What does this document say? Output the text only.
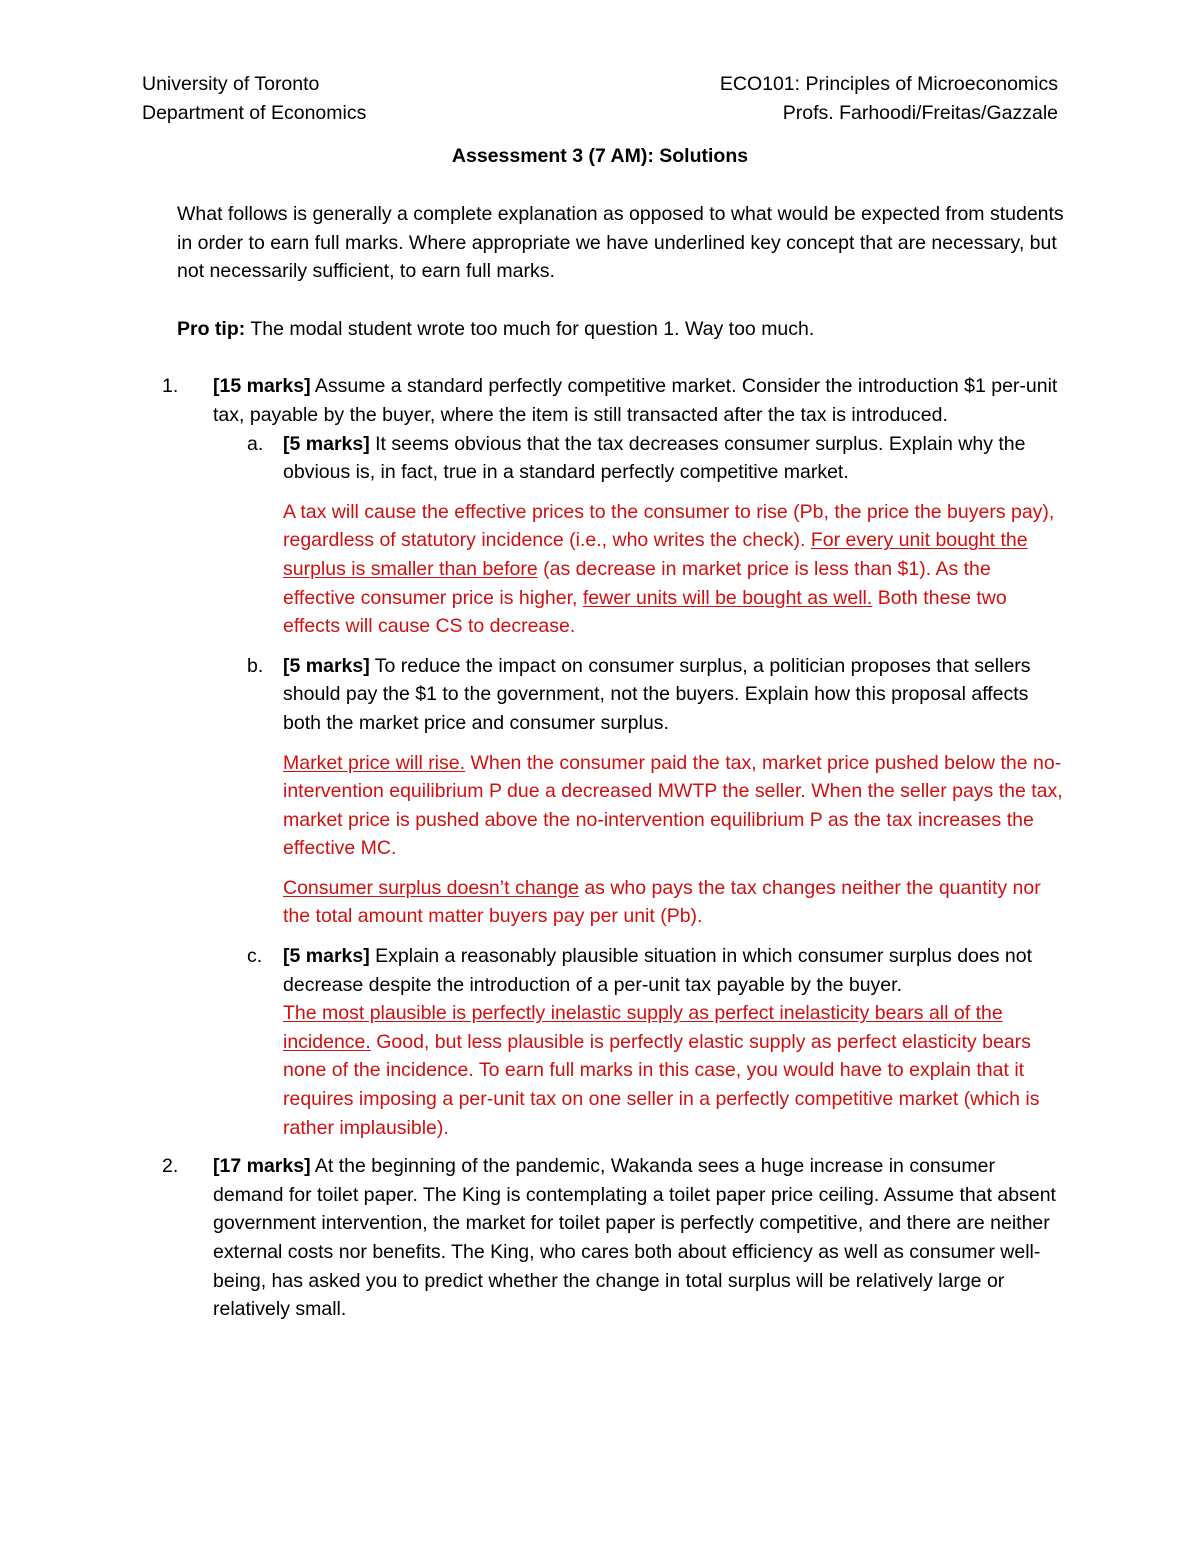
University of Toronto	ECO101: Principles of Microeconomics
Department of Economics	Profs. Farhoodi/Freitas/Gazzale
Assessment 3 (7 AM): Solutions

What follows is generally a complete explanation as opposed to what would be expected from students in order to earn full marks. Where appropriate we have underlined key concept that are necessary, but not necessarily sufficient, to earn full marks.

Pro tip: The modal student wrote too much for question 1. Way too much.

1. [15 marks] Assume a standard perfectly competitive market. Consider the introduction $1 per-unit tax, payable by the buyer, where the item is still transacted after the tax is introduced.

a. [5 marks] It seems obvious that the tax decreases consumer surplus. Explain why the obvious is, in fact, true in a standard perfectly competitive market.

A tax will cause the effective prices to the consumer to rise (Pb, the price the buyers pay), regardless of statutory incidence (i.e., who writes the check). For every unit bought the surplus is smaller than before (as decrease in market price is less than $1). As the effective consumer price is higher, fewer units will be bought as well. Both these two effects will cause CS to decrease.

b. [5 marks] To reduce the impact on consumer surplus, a politician proposes that sellers should pay the $1 to the government, not the buyers. Explain how this proposal affects both the market price and consumer surplus.

Market price will rise. When the consumer paid the tax, market price pushed below the no-intervention equilibrium P due a decreased MWTP the seller. When the seller pays the tax, market price is pushed above the no-intervention equilibrium P as the tax increases the effective MC.

Consumer surplus doesn’t change as who pays the tax changes neither the quantity nor the total amount matter buyers pay per unit (Pb).

c. [5 marks] Explain a reasonably plausible situation in which consumer surplus does not decrease despite the introduction of a per-unit tax payable by the buyer.

The most plausible is perfectly inelastic supply as perfect inelasticity bears all of the incidence. Good, but less plausible is perfectly elastic supply as perfect elasticity bears none of the incidence. To earn full marks in this case, you would have to explain that it requires imposing a per-unit tax on one seller in a perfectly competitive market (which is rather implausible).

2. [17 marks] At the beginning of the pandemic, Wakanda sees a huge increase in consumer demand for toilet paper. The King is contemplating a toilet paper price ceiling. Assume that absent government intervention, the market for toilet paper is perfectly competitive, and there are neither external costs nor benefits. The King, who cares both about efficiency as well as consumer well-being, has asked you to predict whether the change in total surplus will be relatively large or relatively small.
